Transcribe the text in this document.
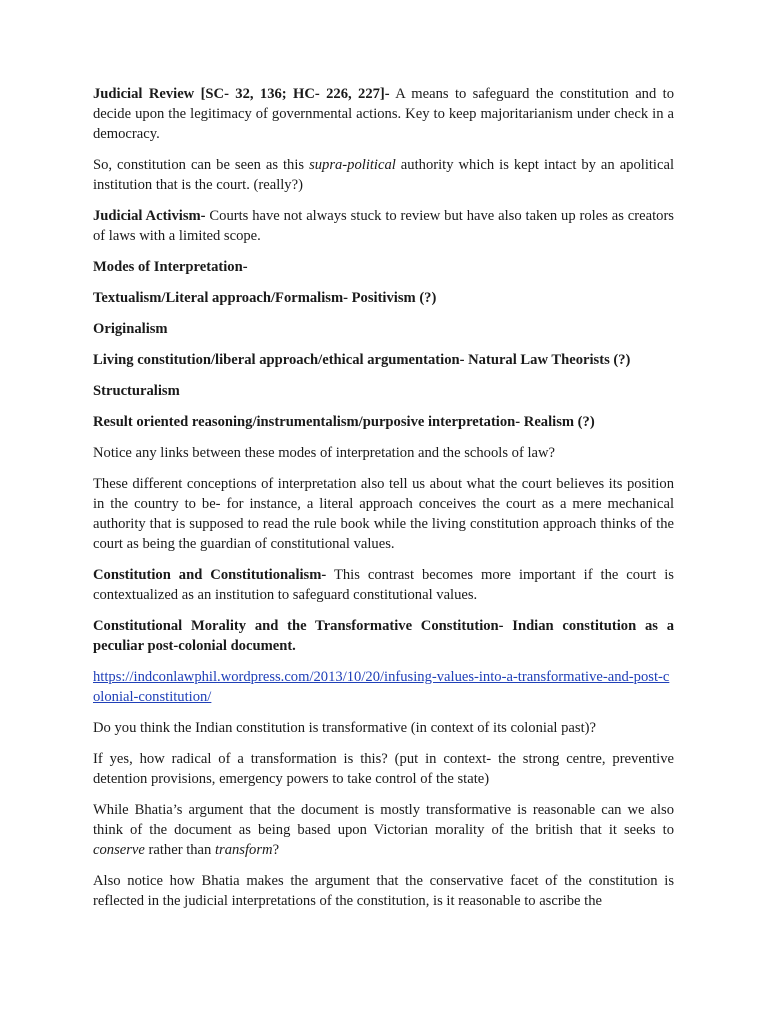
Judicial Review [SC- 32, 136; HC- 226, 227]- A means to safeguard the constitution and to decide upon the legitimacy of governmental actions. Key to keep majoritarianism under check in a democracy.

So, constitution can be seen as this supra-political authority which is kept intact by an apolitical institution that is the court. (really?)

Judicial Activism- Courts have not always stuck to review but have also taken up roles as creators of laws with a limited scope.

Modes of Interpretation-

Textualism/Literal approach/Formalism- Positivism (?)

Originalism

Living constitution/liberal approach/ethical argumentation- Natural Law Theorists (?)

Structuralism

Result oriented reasoning/instrumentalism/purposive interpretation- Realism (?)

Notice any links between these modes of interpretation and the schools of law?

These different conceptions of interpretation also tell us about what the court believes its position in the country to be- for instance, a literal approach conceives the court as a mere mechanical authority that is supposed to read the rule book while the living constitution approach thinks of the court as being the guardian of constitutional values.

Constitution and Constitutionalism- This contrast becomes more important if the court is contextualized as an institution to safeguard constitutional values.

Constitutional Morality and the Transformative Constitution- Indian constitution as a peculiar post-colonial document.

https://indconlawphil.wordpress.com/2013/10/20/infusing-values-into-a-transformative-and-post-colonial-constitution/

Do you think the Indian constitution is transformative (in context of its colonial past)?

If yes, how radical of a transformation is this? (put in context- the strong centre, preventive detention provisions, emergency powers to take control of the state)

While Bhatia’s argument that the document is mostly transformative is reasonable can we also think of the document as being based upon Victorian morality of the british that it seeks to conserve rather than transform?

Also notice how Bhatia makes the argument that the conservative facet of the constitution is reflected in the judicial interpretations of the constitution, is it reasonable to ascribe the
